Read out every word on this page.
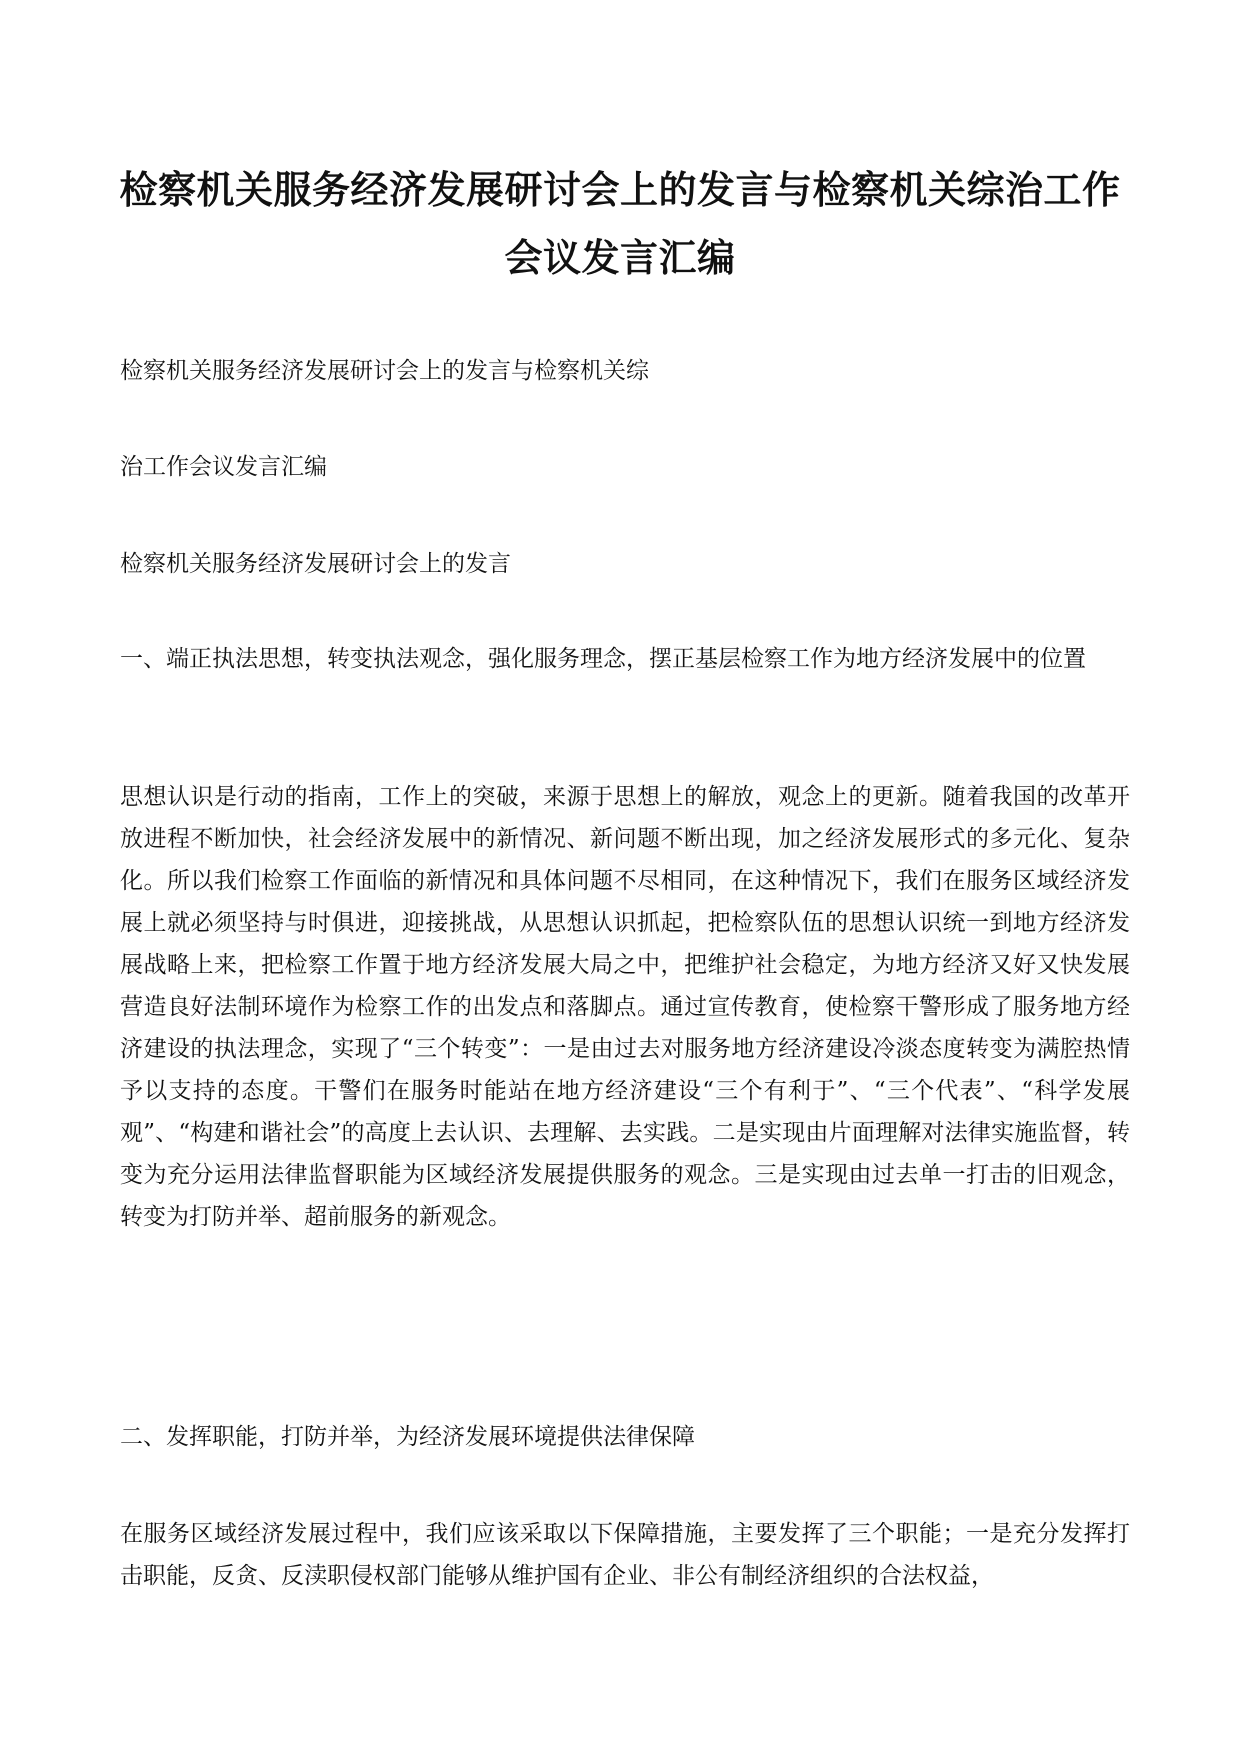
检察机关服务经济发展研讨会上的发言与检察机关综治工作
会议发言汇编

检察机关服务经济发展研讨会上的发言与检察机关综

治工作会议发言汇编

检察机关服务经济发展研讨会上的发言

一、端正执法思想，转变执法观念，强化服务理念，摆正基层检察工作为地方经济发展中的位置

思想认识是行动的指南，工作上的突破，来源于思想上的解放，观念上的更新。随着我国的改革开放进程不断加快，社会经济发展中的新情况、新问题不断出现，加之经济发展形式的多元化、复杂化。所以我们检察工作面临的新情况和具体问题不尽相同，在这种情况下，我们在服务区域经济发展上就必须坚持与时俱进，迎接挑战，从思想认识抓起，把检察队伍的思想认识统一到地方经济发展战略上来，把检察工作置于地方经济发展大局之中，把维护社会稳定，为地方经济又好又快发展营造良好法制环境作为检察工作的出发点和落脚点。通过宣传教育，使检察干警形成了服务地方经济建设的执法理念，实现了“三个转变”：一是由过去对服务地方经济建设冷淡态度转变为满腔热情予以支持的态度。干警们在服务时能站在地方经济建设“三个有利于”、“三个代表”、“科学发展观”、“构建和谐社会”的高度上去认识、去理解、去实践。二是实现由片面理解对法律实施监督，转变为充分运用法律监督职能为区域经济发展提供服务的观念。三是实现由过去单一打击的旧观念，转变为打防并举、超前服务的新观念。

二、发挥职能，打防并举，为经济发展环境提供法律保障

在服务区域经济发展过程中，我们应该采取以下保障措施，主要发挥了三个职能；一是充分发挥打击职能，反贪、反渎职侵权部门能够从维护国有企业、非公有制经济组织的合法权益，
